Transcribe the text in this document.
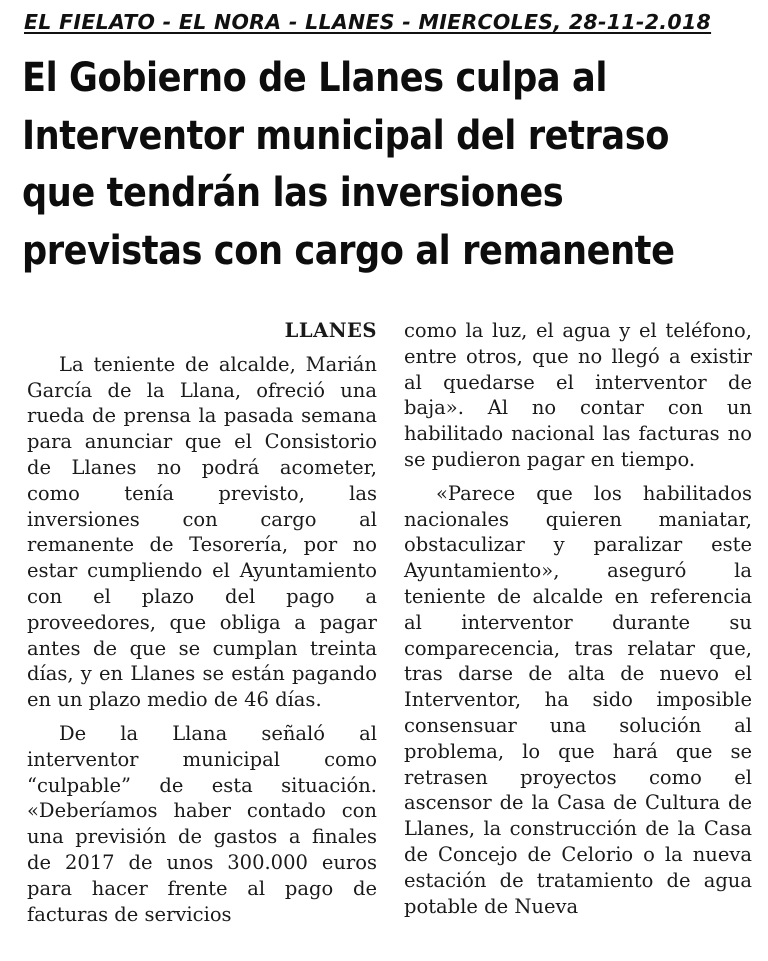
EL FIELATO - EL NORA - LLANES - MIERCOLES, 28-11-2.018
El Gobierno de Llanes culpa al
Interventor municipal del retraso
que tendrán las inversiones
previstas con cargo al remanente

LLANES

La teniente de alcalde, Marián García de la Llana, ofreció una rueda de prensa la pasada semana para anunciar que el Consistorio de Llanes no podrá acometer, como tenía previsto, las inversiones con cargo al remanente de Tesorería, por no estar cumpliendo el Ayuntamiento con el plazo del pago a proveedores, que obliga a pagar antes de que se cumplan treinta días, y en Llanes se están pagando en un plazo medio de 46 días.

De la Llana señaló al interventor municipal como “culpable” de esta situación. «Deberíamos haber contado con una previsión de gastos a finales de 2017 de unos 300.000 euros para hacer frente al pago de facturas de servicios

como la luz, el agua y el teléfono, entre otros, que no llegó a existir al quedarse el interventor de baja». Al no contar con un habilitado nacional las facturas no se pudieron pagar en tiempo.

«Parece que los habilitados nacionales quieren maniatar, obstaculizar y paralizar este Ayuntamiento», aseguró la teniente de alcalde en referencia al interventor durante su comparecencia, tras relatar que, tras darse de alta de nuevo el Interventor, ha sido imposible consensuar una solución al problema, lo que hará que se retrasen proyectos como el ascensor de la Casa de Cultura de Llanes, la construcción de la Casa de Concejo de Celorio o la nueva estación de tratamiento de agua potable de Nueva
